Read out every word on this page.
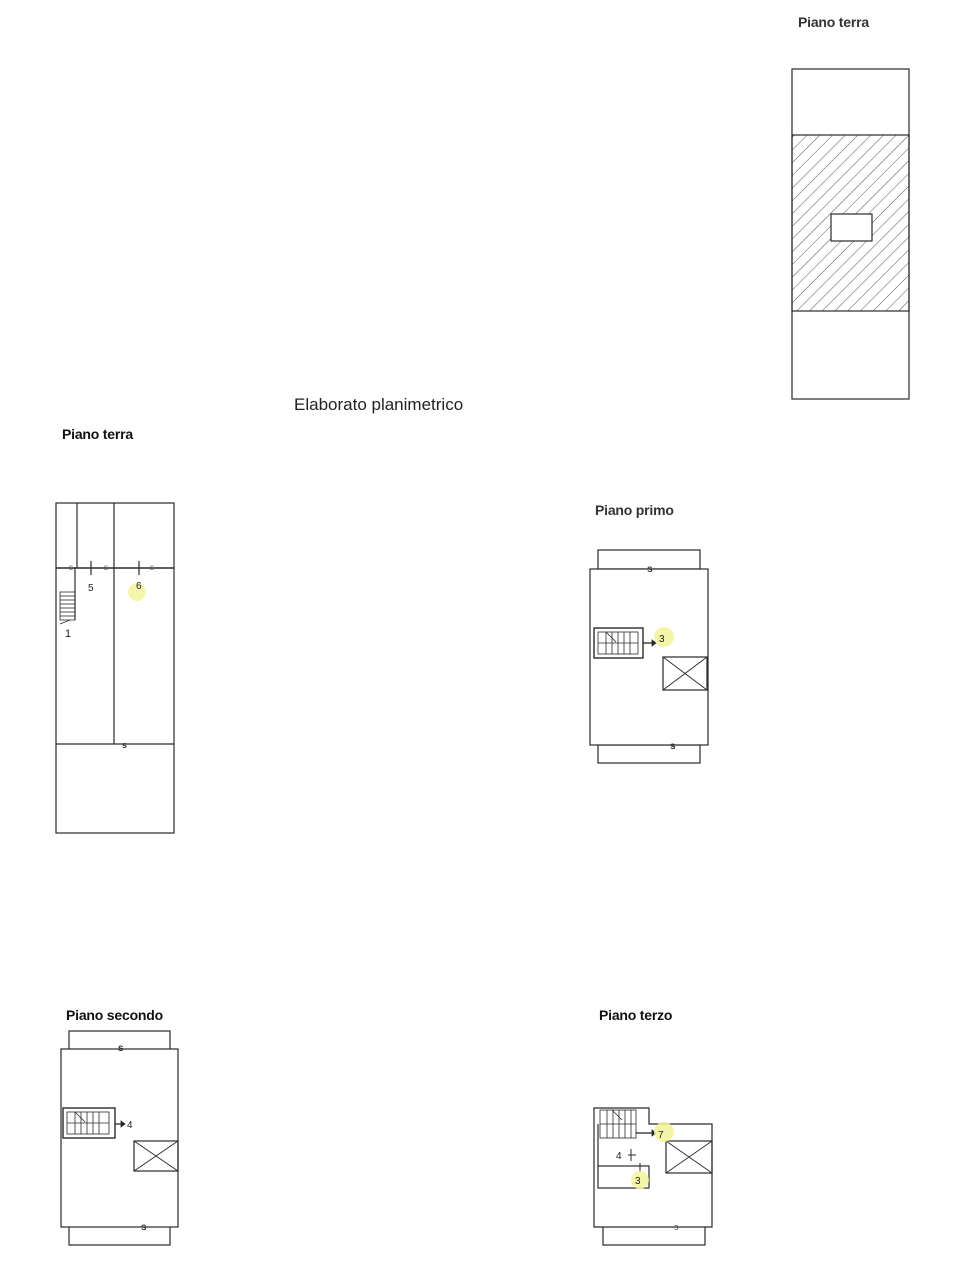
Piano terra
Elaborato planimetrico
Piano terra
Piano primo
Piano secondo	Piano terzo
s	s	s
s
5	6
1	3
s
s
4
s
s
7
4
3
s
